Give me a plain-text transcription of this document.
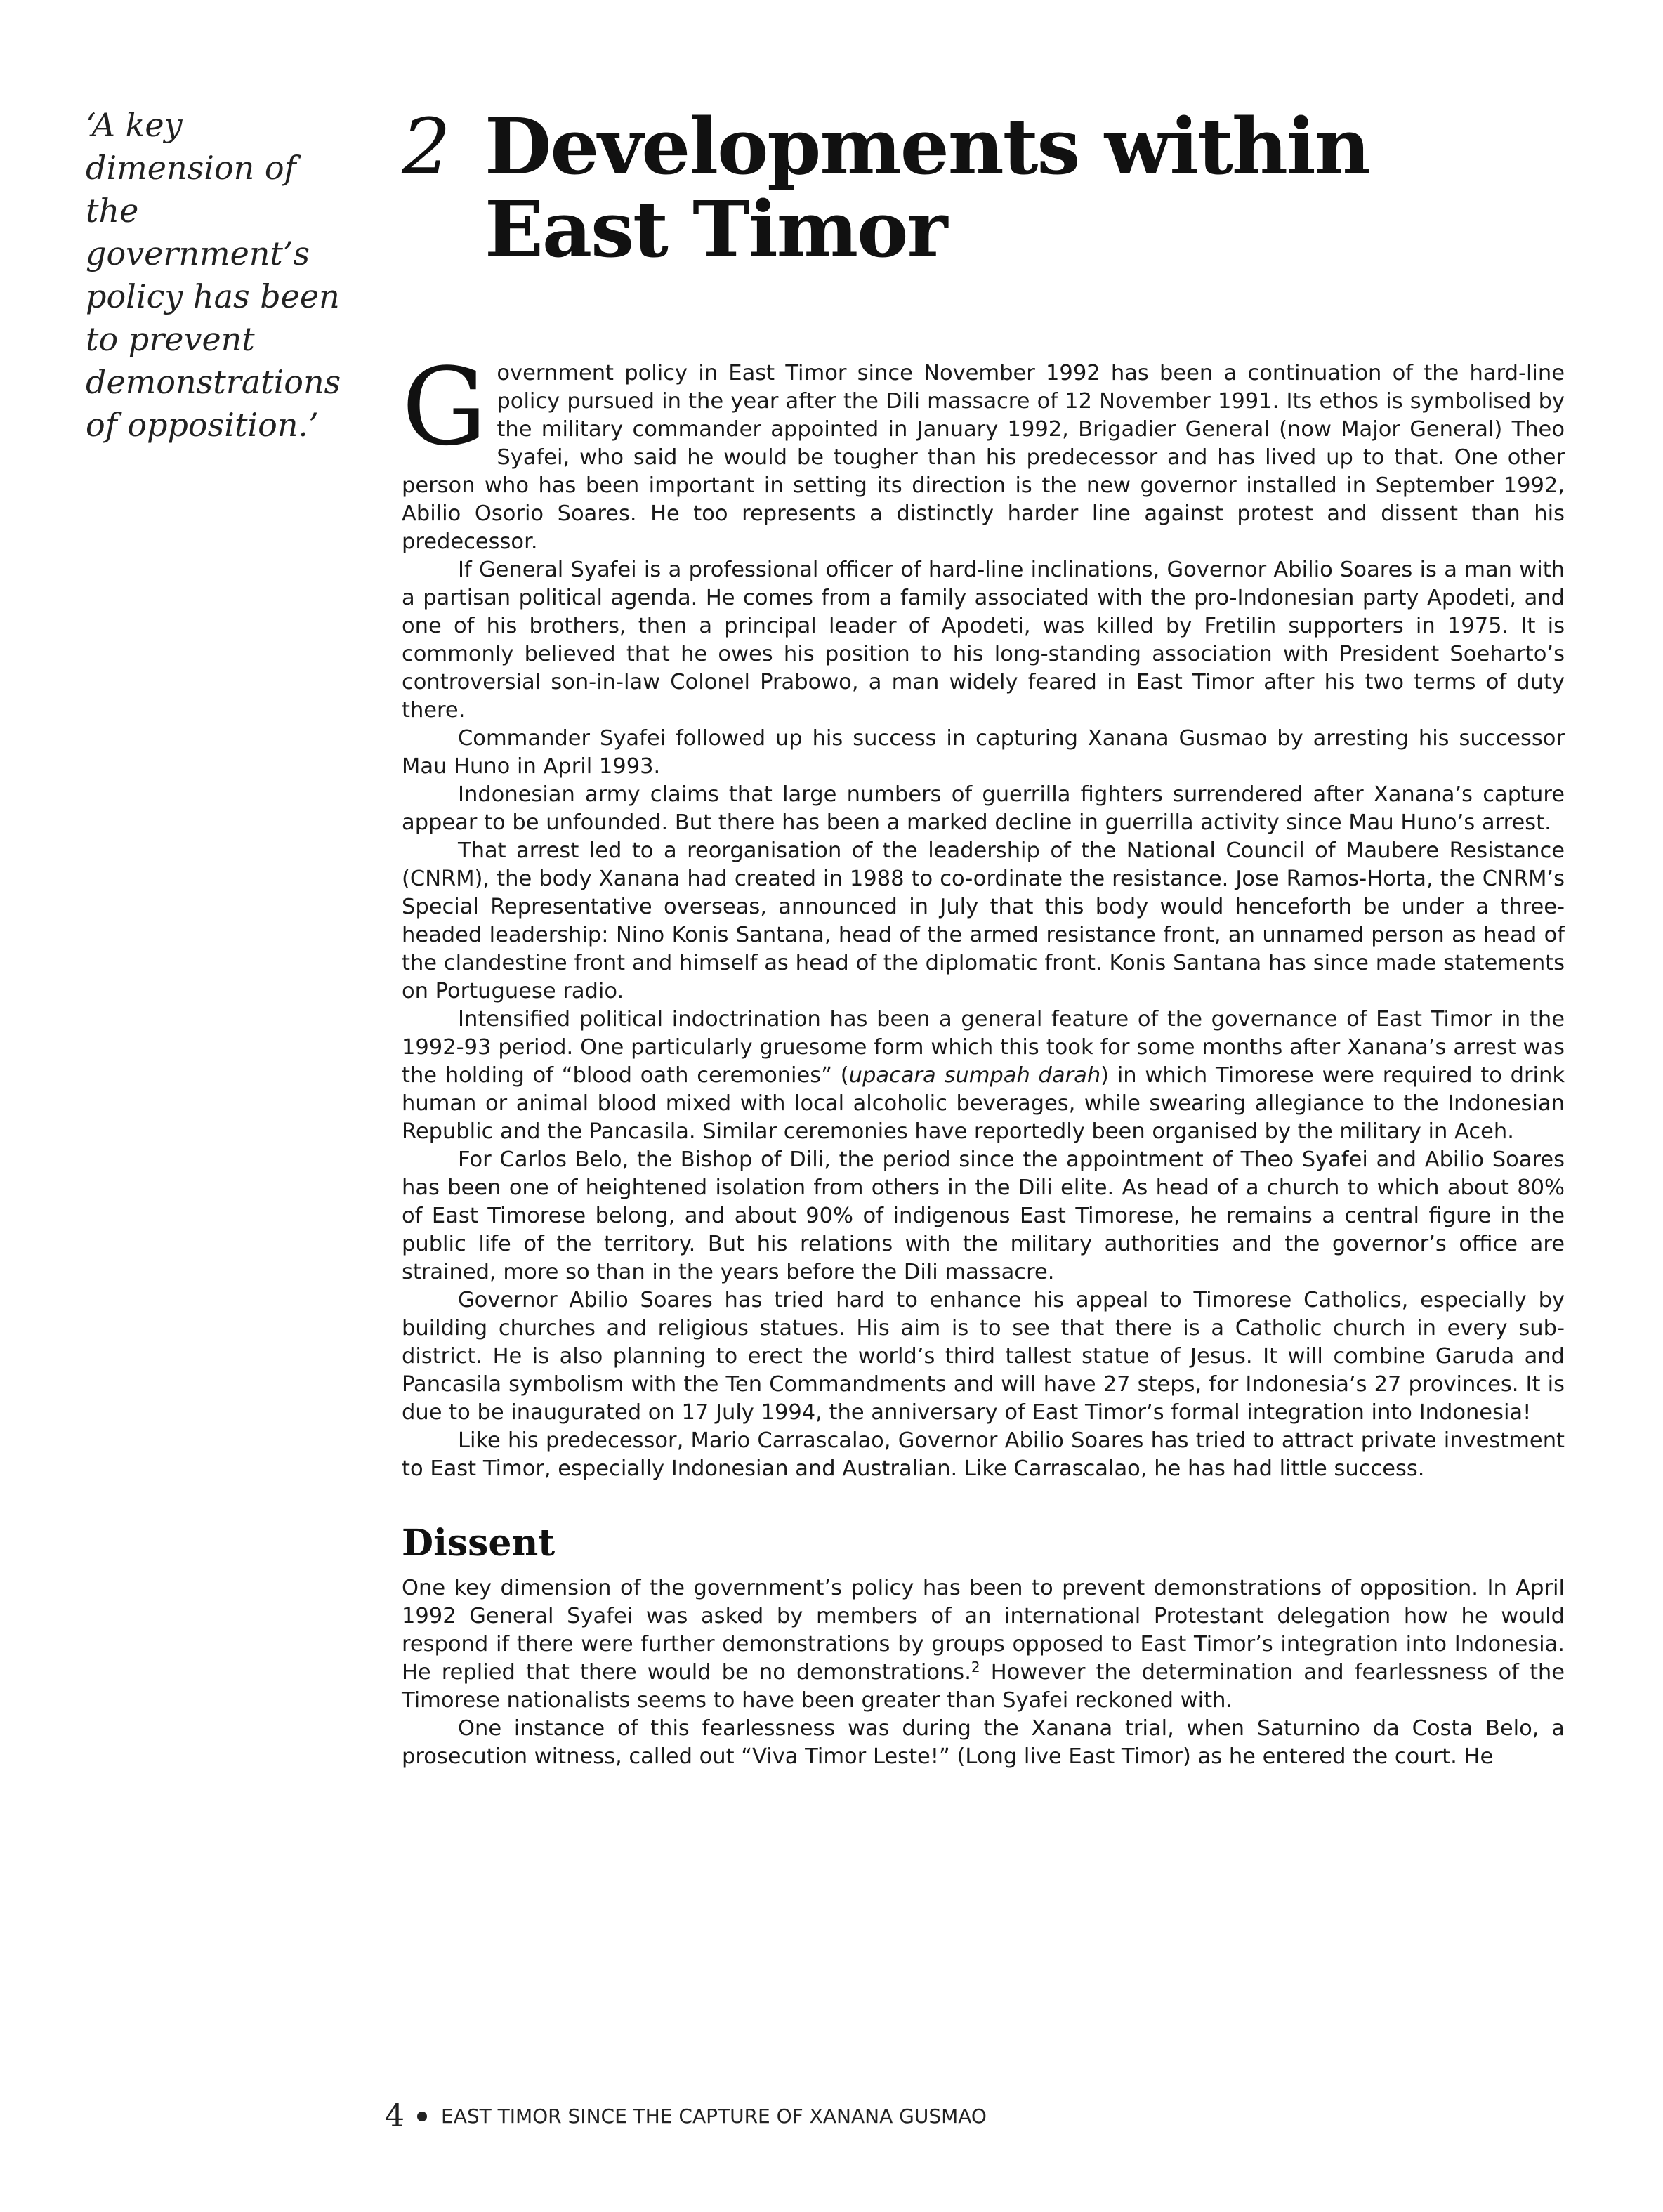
‘A key dimension of the government’s policy has been to prevent demonstrations of opposition.’
2 Developments within
East Timor

Government policy in East Timor since November 1992 has been a continuation of the hard-line policy pursued in the year after the Dili massacre of 12 November 1991. Its ethos is symbolised by the military commander appointed in January 1992, Brigadier General (now Major General) Theo Syafei, who said he would be tougher than his predecessor and has lived up to that. One other person who has been important in setting its direction is the new governor installed in September 1992, Abilio Osorio Soares. He too represents a distinctly harder line against protest and dissent than his predecessor.

If General Syafei is a professional officer of hard-line inclinations, Governor Abilio Soares is a man with a partisan political agenda. He comes from a family associated with the pro-Indonesian party Apodeti, and one of his brothers, then a principal leader of Apodeti, was killed by Fretilin supporters in 1975. It is commonly believed that he owes his position to his long-standing association with President Soeharto’s controversial son-in-law Colonel Prabowo, a man widely feared in East Timor after his two terms of duty there.

Commander Syafei followed up his success in capturing Xanana Gusmao by arresting his successor Mau Huno in April 1993.

Indonesian army claims that large numbers of guerrilla fighters surrendered after Xanana’s capture appear to be unfounded. But there has been a marked decline in guerrilla activity since Mau Huno’s arrest.

That arrest led to a reorganisation of the leadership of the National Council of Maubere Resistance (CNRM), the body Xanana had created in 1988 to co-ordinate the resistance. Jose Ramos-Horta, the CNRM’s Special Representative overseas, announced in July that this body would henceforth be under a three-headed leadership: Nino Konis Santana, head of the armed resistance front, an unnamed person as head of the clandestine front and himself as head of the diplomatic front. Konis Santana has since made statements on Portuguese radio.

Intensified political indoctrination has been a general feature of the governance of East Timor in the 1992-93 period. One particularly gruesome form which this took for some months after Xanana’s arrest was the holding of “blood oath ceremonies” (upacara sumpah darah) in which Timorese were required to drink human or animal blood mixed with local alcoholic beverages, while swearing allegiance to the Indonesian Republic and the Pancasila. Similar ceremonies have reportedly been organised by the military in Aceh.

For Carlos Belo, the Bishop of Dili, the period since the appointment of Theo Syafei and Abilio Soares has been one of heightened isolation from others in the Dili elite. As head of a church to which about 80% of East Timorese belong, and about 90% of indigenous East Timorese, he remains a central figure in the public life of the territory. But his relations with the military authorities and the governor’s office are strained, more so than in the years before the Dili massacre.

Governor Abilio Soares has tried hard to enhance his appeal to Timorese Catholics, especially by building churches and religious statues. His aim is to see that there is a Catholic church in every sub-district. He is also planning to erect the world’s third tallest statue of Jesus. It will combine Garuda and Pancasila symbolism with the Ten Commandments and will have 27 steps, for Indonesia’s 27 provinces. It is due to be inaugurated on 17 July 1994, the anniversary of East Timor’s formal integration into Indonesia!

Like his predecessor, Mario Carrascalao, Governor Abilio Soares has tried to attract private investment to East Timor, especially Indonesian and Australian. Like Carrascalao, he has had little success.

Dissent

One key dimension of the government’s policy has been to prevent demonstrations of opposition. In April 1992 General Syafei was asked by members of an international Protestant delegation how he would respond if there were further demonstrations by groups opposed to East Timor’s integration into Indonesia. He replied that there would be no demonstrations.$^2$ However the determination and fearlessness of the Timorese nationalists seems to have been greater than Syafei reckoned with.

One instance of this fearlessness was during the Xanana trial, when Saturnino da Costa Belo, a prosecution witness, called out “Viva Timor Leste!” (Long live East Timor) as he entered the court. He

4 EAST TIMOR SINCE THE CAPTURE OF XANANA GUSMAO
